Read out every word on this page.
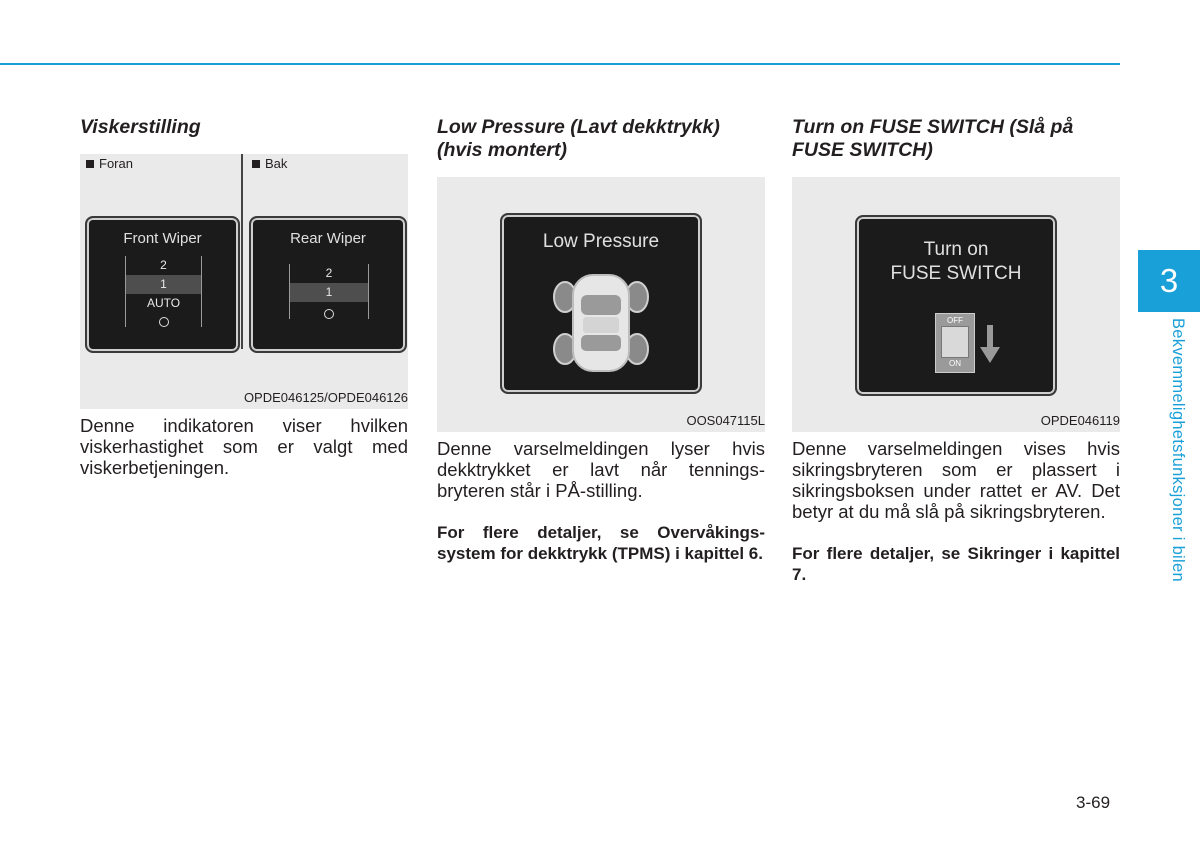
Viskerstilling

Foran	Bak
Front Wiper
2
1
AUTO
Rear Wiper
2
1
OPDE046125/OPDE046126

Denne indikatoren viser hvilken viskerhastighet som er valgt med viskerbetjeningen.

Low Pressure (Lavt dekktrykk) (hvis montert)

Low Pressure
OOS047115L

Denne varselmeldingen lyser hvis dekktrykket er lavt når tennings-bryteren står i PÅ-stilling.

For flere detaljer, se Overvåkings-system for dekktrykk (TPMS) i kapittel 6.

Turn on FUSE SWITCH (Slå på FUSE SWITCH)

Turn on
FUSE SWITCH
OFF
ON
OPDE046119

Denne varselmeldingen vises hvis sikringsbryteren som er plassert i sikringsboksen under rattet er AV. Det betyr at du må slå på sikringsbryteren.

For flere detaljer, se Sikringer i kapittel 7.

3
Bekvemmelighetsfunksjoner i bilen
3-69
